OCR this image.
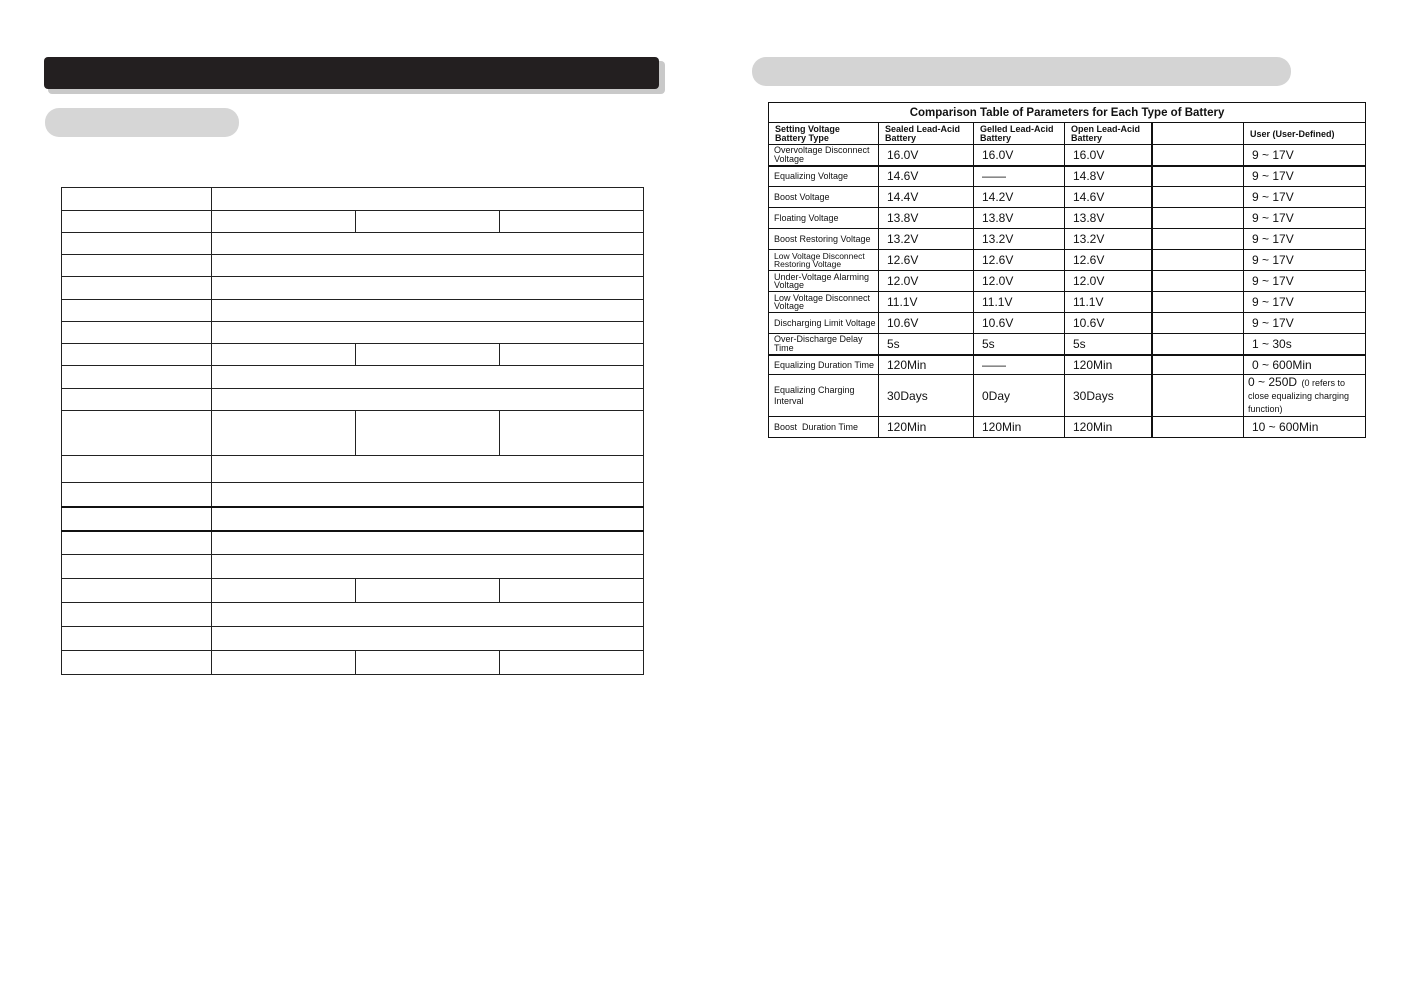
Comparison Table of Parameters for Each Type of Battery					

Setting Voltage
Battery Type	Sealed Lead-Acid Battery	Gelled Lead-Acid Battery	Open Lead-Acid Battery		User (User-Defined)
Overvoltage Disconnect Voltage	16.0V	16.0V	16.0V		9 ~ 17V
Equalizing Voltage	14.6V	——	14.8V		9 ~ 17V
Boost Voltage	14.4V	14.2V	14.6V		9 ~ 17V
Floating Voltage	13.8V	13.8V	13.8V		9 ~ 17V
Boost Restoring Voltage	13.2V	13.2V	13.2V		9 ~ 17V
Low Voltage Disconnect Restoring Voltage	12.6V	12.6V	12.6V		9 ~ 17V
Under-Voltage Alarming Voltage	12.0V	12.0V	12.0V		9 ~ 17V
Low Voltage Disconnect Voltage	11.1V	11.1V	11.1V		9 ~ 17V
Discharging Limit Voltage	10.6V	10.6V	10.6V		9 ~ 17V
Over-Discharge Delay Time	5s	5s	5s		1 ~ 30s
Equalizing Duration Time	120Min	——	120Min		0 ~ 600Min
Equalizing Charging Interval	30Days	0Day	30Days		0 ~ 250D (0 refers to close equalizing charging function)
Boost  Duration Time	120Min	120Min	120Min		10 ~ 600Min
